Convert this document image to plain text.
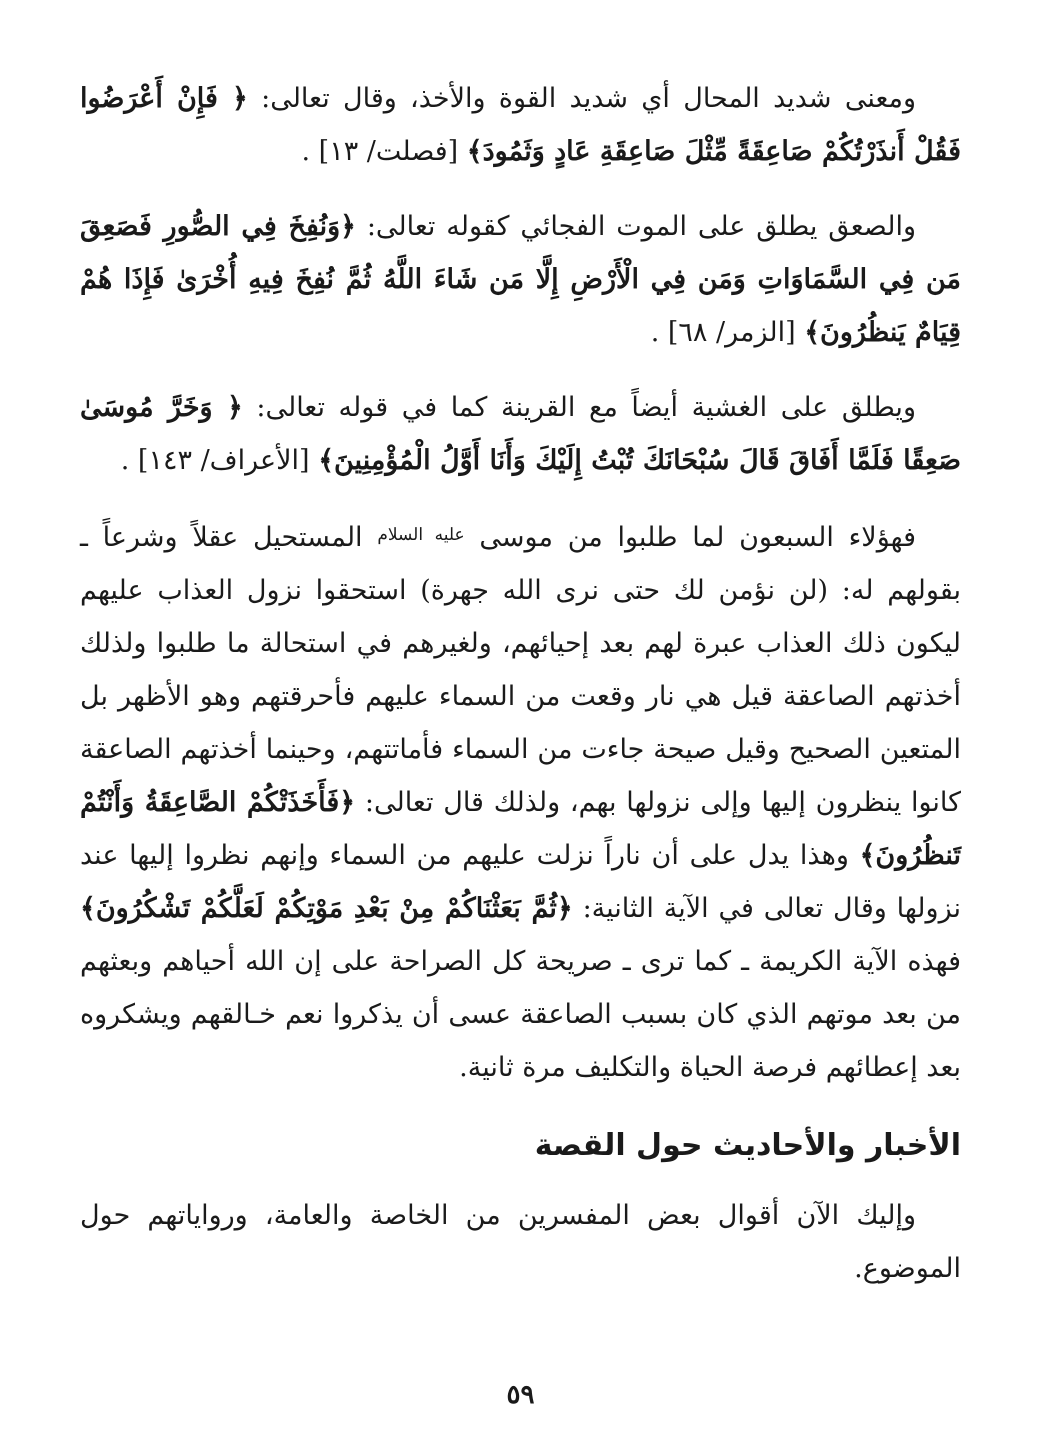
ومعنى شديد المحال أي شديد القوة والأخذ، وقال تعالى: ﴿ فَإِنْ أَعْرَضُوا فَقُلْ أَنذَرْتُكُمْ صَاعِقَةً مِّثْلَ صَاعِقَةِ عَادٍ وَثَمُودَ﴾ [فصلت/ ١٣] .

والصعق يطلق على الموت الفجائي كقوله تعالى: ﴿وَنُفِخَ فِي الصُّورِ فَصَعِقَ مَن فِي السَّمَاوَاتِ وَمَن فِي الْأَرْضِ إِلَّا مَن شَاءَ اللَّهُ ثُمَّ نُفِخَ فِيهِ أُخْرَىٰ فَإِذَا هُمْ قِيَامٌ يَنظُرُونَ﴾ [الزمر/ ٦٨] .

ويطلق على الغشية أيضاً مع القرينة كما في قوله تعالى: ﴿ وَخَرَّ مُوسَىٰ صَعِقًا فَلَمَّا أَفَاقَ قَالَ سُبْحَانَكَ تُبْتُ إِلَيْكَ وَأَنَا أَوَّلُ الْمُؤْمِنِينَ﴾ [الأعراف/ ١٤٣] .

فهؤلاء السبعون لما طلبوا من موسى $^{عليه السلام}$ المستحيل عقلاً وشرعاً ـ بقولهم له: (لن نؤمن لك حتى نرى الله جهرة) استحقوا نزول العذاب عليهم ليكون ذلك العذاب عبرة لهم بعد إحيائهم، ولغيرهم في استحالة ما طلبوا ولذلك أخذتهم الصاعقة قيل هي نار وقعت من السماء عليهم فأحرقتهم وهو الأظهر بل المتعين الصحيح وقيل صيحة جاءت من السماء فأماتتهم، وحينما أخذتهم الصاعقة كانوا ينظرون إليها وإلى نزولها بهم، ولذلك قال تعالى: ﴿فَأَخَذَتْكُمْ الصَّاعِقَةُ وَأَنْتُمْ تَنظُرُونَ﴾ وهذا يدل على أن ناراً نزلت عليهم من السماء وإنهم نظروا إليها عند نزولها وقال تعالى في الآية الثانية: ﴿ثُمَّ بَعَثْنَاكُمْ مِنْ بَعْدِ مَوْتِكُمْ لَعَلَّكُمْ تَشْكُرُونَ﴾ فهذه الآية الكريمة ـ كما ترى ـ صريحة كل الصراحة على إن الله أحياهم وبعثهم من بعد موتهم الذي كان بسبب الصاعقة عسى أن يذكروا نعم خـالقهم ويشكروه بعد إعطائهم فرصة الحياة والتكليف مرة ثانية.

الأخبار والأحاديث حول القصة

وإليك الآن أقوال بعض المفسرين من الخاصة والعامة، ورواياتهم حول الموضوع.

٥٩
